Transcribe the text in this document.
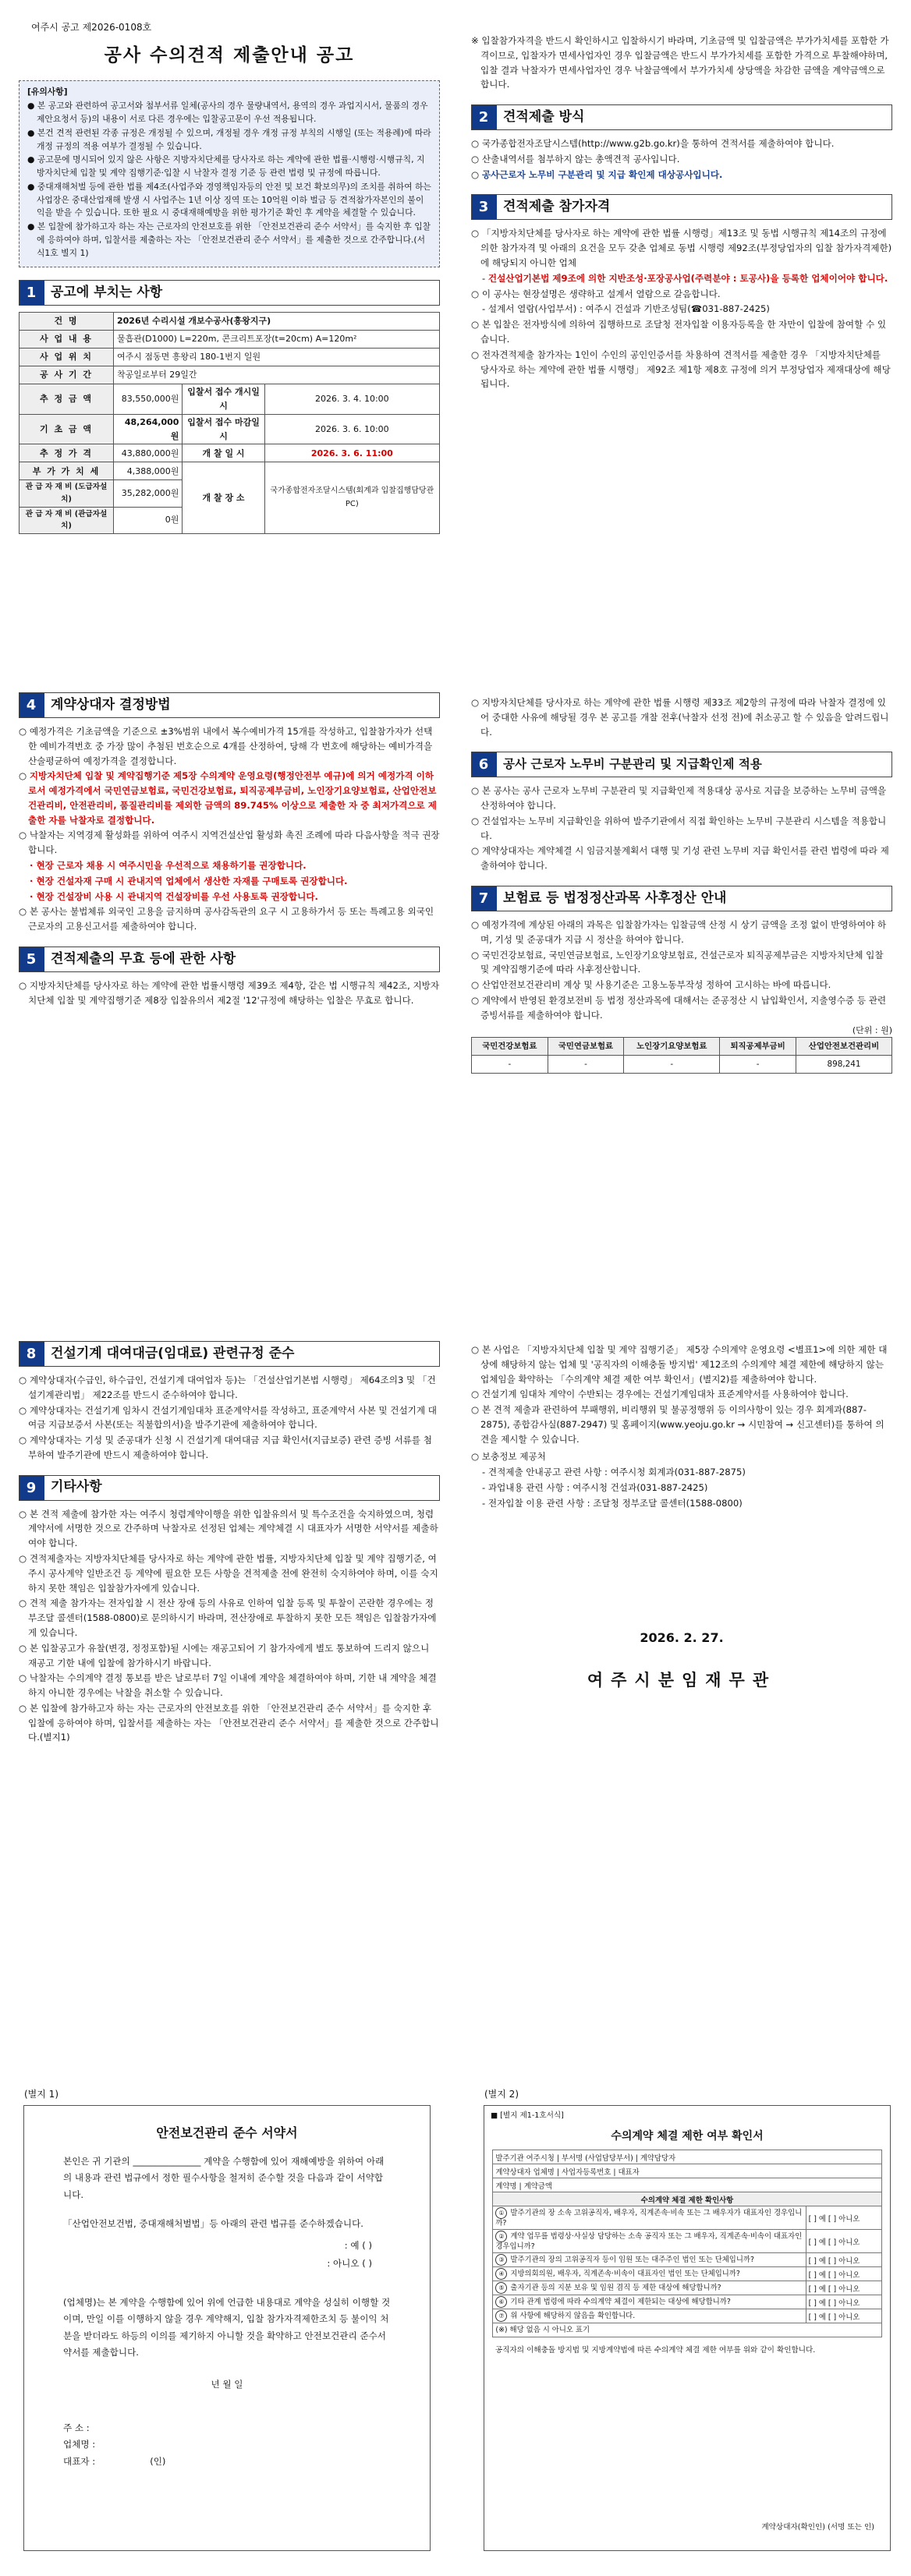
여주시 공고 제2026-0108호
공사 수의견적 제출안내 공고
[유의사항]
● 본 공고와 관련하여 공고서와 첨부서류 일체(공사의 경우 물량내역서, 용역의 경우 과업지시서, 물품의 경우 제안요청서 등)의 내용이 서로 다른 경우에는 입찰공고문이 우선 적용됩니다.
● 본건 견적 관련된 각종 규정은 개정될 수 있으며, 개정될 경우 개정 규정 부칙의 시행일 (또는 적용례)에 따라 개정 규정의 적용 여부가 결정될 수 있습니다.
● 공고문에 명시되어 있지 않은 사항은 지방자치단체를 당사자로 하는 계약에 관한 법률·시행령·시행규칙, 지방자치단체 입찰 및 계약 집행기준·입찰 시 낙찰자 결정 기준 등 관련 법령 및 규정에 따릅니다.
● 중대재해처벌 등에 관한 법률 제4조(사업주와 경영책임자등의 안전 및 보건 확보의무)의 조치를 취하여 하는 사업장은 중대산업재해 발생 시 사업주는 1년 이상 징역 또는 10억원 이하 벌금 등 견적참가자본인의 불이익을 받을 수 있습니다. 또한 필요 시 중대재해예방을 위한 평가기준 확인 후 계약을 체결할 수 있습니다.
● 본 입찰에 참가하고자 하는 자는 근로자의 안전보호를 위한 「안전보건관리 준수 서약서」를 숙지한 후 입찰에 응하여야 하며, 입찰서를 제출하는 자는 「안전보건관리 준수 서약서」를 제출한 것으로 간주합니다.(서식1호 별지 1)
1	공고에 부치는 사항
건 명	2026년 수리시설 개보수공사(흥왕지구)		
사 업 내 용	물흡관(D1000) L=220m, 콘크리트포장(t=20cm) A=120m²		
사 업 위 치	여주시 점동면 흥왕리 180-1번지 일원		
공 사 기 간	착공일로부터 29일간		
추 정 금 액	83,550,000원	입찰서 접수 개시일시	2026. 3. 4. 10:00
기 초 금 액	48,264,000원	입찰서 접수 마감일시	2026. 3. 6. 10:00
추 정 가 격	43,880,000원	개 찰 일 시	2026. 3. 6. 11:00
부 가 가 치 세	4,388,000원	개 찰 장 소	국가종합전자조달시스템(회계과 입찰집행담당관 PC)
관 급 자 재 비 (도급자설치)	35,282,000원		
관 급 자 재 비 (관급자설치)	0원		
※ 입찰참가자격을 반드시 확인하시고 입찰하시기 바라며, 기초금액 및 입찰금액은 부가가치세를 포함한 가격이므로, 입찰자가 면세사업자인 경우 입찰금액은 반드시 부가가치세를 포함한 가격으로 투찰해야하며, 입찰 결과 낙찰자가 면세사업자인 경우 낙찰금액에서 부가가치세 상당액을 차감한 금액을 계약금액으로 합니다.
2	견적제출 방식
○ 국가종합전자조달시스템(http://www.g2b.go.kr)을 통하여 견적서를 제출하여야 합니다.
○ 산출내역서를 첨부하지 않는 총액견적 공사입니다.
○ 공사근로자 노무비 구분관리 및 지급 확인제 대상공사입니다.
3	견적제출 참가자격
○ 「지방자치단체를 당사자로 하는 계약에 관한 법률 시행령」제13조 및 동법 시행규칙 제14조의 규정에 의한 참가자격 및 아래의 요건을 모두 갖춘 업체로 동법 시행령 제92조(부정당업자의 입찰 참가자격제한)에 해당되지 아니한 업체
- 건설산업기본법 제9조에 의한 지반조성·포장공사업(주력분야 : 토공사)을 등록한 업체이어야 합니다.
○ 이 공사는 현장설명은 생략하고 설계서 열람으로 갈음합니다.
- 설계서 열람(사업부서) : 여주시 건설과 기반조성팀(☎031-887-2425)
○ 본 입찰은 전자방식에 의하여 집행하므로 조달청 전자입찰 이용자등록을 한 자만이 입찰에 참여할 수 있습니다.
○ 전자견적제출 참가자는 1인이 수인의 공인인증서를 차용하여 견적서를 제출한 경우 「지방자치단체를 당사자로 하는 계약에 관한 법률 시행령」 제92조 제1항 제8호 규정에 의거 부정당업자 제재대상에 해당됩니다.
4	계약상대자 결정방법
○ 예정가격은 기초금액을 기준으로 ±3%범위 내에서 복수예비가격 15개를 작성하고, 입찰참가자가 선택한 예비가격번호 중 가장 많이 추첨된 번호순으로 4개를 산정하여, 당해 각 번호에 해당하는 예비가격을 산술평균하여 예정가격을 결정합니다.
○ 지방자치단체 입찰 및 계약집행기준 제5장 수의계약 운영요령(행정안전부 예규)에 의거 예정가격 이하로서 예정가격에서 국민연금보험료, 국민건강보험료, 퇴직공제부금비, 노인장기요양보험료, 산업안전보건관리비, 안전관리비, 품질관리비를 제외한 금액의 89.745% 이상으로 제출한 자 중 최저가격으로 제출한 자를 낙찰자로 결정합니다.
○ 낙찰자는 지역경제 활성화를 위하여 여주시 지역건설산업 활성화 촉진 조례에 따라 다음사항을 적극 권장합니다.
· 현장 근로자 채용 시 여주시민을 우선적으로 채용하기를 권장합니다.
· 현장 건설자재 구매 시 관내지역 업체에서 생산한 자재를 구매토록 권장합니다.
· 현장 건설장비 사용 시 관내지역 건설장비를 우선 사용토록 권장합니다.
○ 본 공사는 불법체류 외국인 고용을 금지하며 공사감독관의 요구 시 고용하가서 등 또는 특례고용 외국인근로자의 고용신고서를 제출하여야 합니다.
5	견적제출의 무효 등에 관한 사항
○ 지방자치단체를 당사자로 하는 계약에 관한 법률시행령 제39조 제4항, 같은 법 시행규칙 제42조, 지방자치단체 입찰 및 계약집행기준 제8장 입찰유의서 제2절 '12'규정에 해당하는 입찰은 무효로 합니다.
○ 지방자치단체를 당사자로 하는 계약에 관한 법률 시행령 제33조 제2항의 규정에 따라 낙찰자 결정에 있어 중대한 사유에 해당될 경우 본 공고를 개찰 전후(낙찰자 선정 전)에 취소공고 할 수 있음을 알려드립니다.
6	공사 근로자 노무비 구분관리 및 지급확인제 적용
○ 본 공사는 공사 근로자 노무비 구분관리 및 지급확인제 적용대상 공사로 지급을 보증하는 노무비 금액을 산정하여야 합니다.
○ 건설업자는 노무비 지급확인을 위하여 발주기관에서 직접 확인하는 노무비 구분관리 시스템을 적용합니다.
○ 계약상대자는 계약체결 시 임금지불계획서 대행 및 기성 관련 노무비 지급 확인서를 관련 법령에 따라 제출하여야 합니다.
7	보험료 등 법정정산과목 사후정산 안내
○ 예정가격에 계상된 아래의 과목은 입찰참가자는 입찰금액 산정 시 상기 금액을 조정 없이 반영하여야 하며, 기성 및 준공대가 지급 시 정산을 하여야 합니다.
○ 국민건강보험료, 국민연금보험료, 노인장기요양보험료, 건설근로자 퇴직공제부금은 지방자치단체 입찰 및 계약집행기준에 따라 사후정산합니다.
○ 산업안전보건관리비 계상 및 사용기준은 고용노동부작성 정하여 고시하는 바에 따릅니다.
○ 계약에서 반영된 환경보전비 등 법정 정산과목에 대해서는 준공정산 시 납입확인서, 지출영수증 등 관련 증빙서류를 제출하여야 합니다.
(단위 : 원)
국민건강보험료	국민연금보험료	노인장기요양보험료	퇴직공제부금비	산업안전보건관리비
-	-	-	-	898,241
8	건설기계 대여대금(임대료) 관련규정 준수
○ 계약상대자(수급인, 하수급인, 건설기계 대여업자 등)는 「건설산업기본법 시행령」 제64조의3 및 「건설기계관리법」 제22조를 반드시 준수하여야 합니다.
○ 계약상대자는 건설기계 임차시 건설기계임대차 표준계약서를 작성하고, 표준계약서 사본 및 건설기계 대여금 지급보증서 사본(또는 직불합의서)을 발주기관에 제출하여야 합니다.
○ 계약상대자는 기성 및 준공대가 신청 시 건설기계 대여대금 지급 확인서(지급보증) 관련 증빙 서류를 첨부하여 발주기관에 반드시 제출하여야 합니다.
9	기타사항
○ 본 견적 제출에 참가한 자는 여주시 청렴계약이행을 위한 입찰유의서 및 특수조건을 숙지하였으며, 청렴계약서에 서명한 것으로 간주하며 낙찰자로 선정된 업체는 계약체결 시 대표자가 서명한 서약서를 제출하여야 합니다.
○ 견적제출자는 지방자치단체를 당사자로 하는 계약에 관한 법률, 지방자치단체 입찰 및 계약 집행기준, 여주시 공사계약 일반조건 등 계약에 필요한 모든 사항을 견적제출 전에 완전히 숙지하여야 하며, 이를 숙지하지 못한 책임은 입찰참가자에게 있습니다.
○ 견적 제출 참가자는 전자입찰 시 전산 장애 등의 사유로 인하여 입찰 등록 및 투찰이 곤란한 경우에는 정부조달 콜센터(1588-0800)로 문의하시기 바라며, 전산장애로 투찰하지 못한 모든 책임은 입찰참가자에게 있습니다.
○ 본 입찰공고가 유찰(변경, 정정포함)될 시에는 재공고되어 기 참가자에게 별도 통보하여 드리지 않으니 재공고 기한 내에 입찰에 참가하시기 바랍니다.
○ 낙찰자는 수의계약 결정 통보를 받은 날로부터 7일 이내에 계약을 체결하여야 하며, 기한 내 계약을 체결하지 아니한 경우에는 낙찰을 취소할 수 있습니다.
○ 본 입찰에 참가하고자 하는 자는 근로자의 안전보호를 위한 「안전보건관리 준수 서약서」를 숙지한 후 입찰에 응하여야 하며, 입찰서를 제출하는 자는 「안전보건관리 준수 서약서」를 제출한 것으로 간주합니다.(별지1)
○ 본 사업은 「지방자치단체 입찰 및 계약 집행기준」 제5장 수의계약 운영요령 <별표1>에 의한 제한 대상에 해당하지 않는 업체 및 '공직자의 이해충돌 방지법' 제12조의 수의계약 체결 제한에 해당하지 않는 업체임을 확약하는 「수의계약 체결 제한 여부 확인서」(별지2)를 제출하여야 합니다.
○ 건설기계 임대차 계약이 수반되는 경우에는 건설기계임대차 표준계약서를 사용하여야 합니다.
○ 본 견적 제출과 관련하여 부패행위, 비리행위 및 불공정행위 등 이의사항이 있는 경우 회계과(887-2875), 종합감사실(887-2947) 및 홈페이지(www.yeoju.go.kr → 시민참여 → 신고센터)를 통하여 의견을 제시할 수 있습니다.
○ 보충정보 제공처
- 견적제출 안내공고 관련 사항 : 여주시청 회계과(031-887-2875)
- 과업내용 관련 사항 : 여주시청 건설과(031-887-2425)
- 전자입찰 이용 관련 사항 : 조달청 정부조달 콜센터(1588-0800)
2026. 2. 27.
여주시분임재무관
(별지 1)
안전보건관리 준수 서약서
본인은 귀 기관의 _______________ 계약을 수행함에 있어 재해예방을 위하여 아래의 내용과 관련 법규에서 정한 필수사항을 철저히 준수할 것을 다음과 같이 서약합니다.
「산업안전보건법, 중대재해처벌법」등 아래의 관련 법규를 준수하겠습니다.
: 예 ( )
: 아니오 ( )
(업체명)는 본 계약을 수행함에 있어 위에 언급한 내용대로 계약을 성실히 이행할 것이며, 만일 이를 이행하지 않을 경우 계약해지, 입찰 참가자격제한조치 등 불이익 처분을 받더라도 하등의 이의를 제기하지 아니할 것을 확약하고 안전보건관리 준수서약서를 제출합니다.
년 월 일
주 소 :
업체명 :
대표자 :	(인)
(별지 2)
■ [별지 제1-1호서식]
수의계약 체결 제한 여부 확인서
발주기관 여주시청 | 부서명 (사업담당부서) | 계약담당자	
계약상대자 업체명 | 사업자등록번호 | 대표자	
계약명 | 계약금액	
수의계약 체결 제한 확인사항	
① 발주기관의 장 소속 고위공직자, 배우자, 직계존속·비속 또는 그 배우자가 대표자인 경우입니까?	[ ] 예 [ ] 아니오
② 계약 업무를 법령상·사실상 담당하는 소속 공직자 또는 그 배우자, 직계존속·비속이 대표자인 경우입니까?	[ ] 예 [ ] 아니오
③ 발주기관의 장의 고위공직자 등이 임원 또는 대주주인 법인 또는 단체입니까?	[ ] 예 [ ] 아니오
④ 지방의회의원, 배우자, 직계존속·비속이 대표자인 법인 또는 단체입니까?	[ ] 예 [ ] 아니오
⑤ 출자기관 등의 지분 보유 및 임원 겸직 등 제한 대상에 해당합니까?	[ ] 예 [ ] 아니오
⑥ 기타 관계 법령에 따라 수의계약 체결이 제한되는 대상에 해당합니까?	[ ] 예 [ ] 아니오
⑦ 위 사항에 해당하지 않음을 확인합니다.	[ ] 예 [ ] 아니오
(※) 해당 없음 시 아니오 표기	
공직자의 이해충돌 방지법 및 지방계약법에 따른 수의계약 체결 제한 여부를 위와 같이 확인합니다.
계약상대자(확인인) (서명 또는 인)
